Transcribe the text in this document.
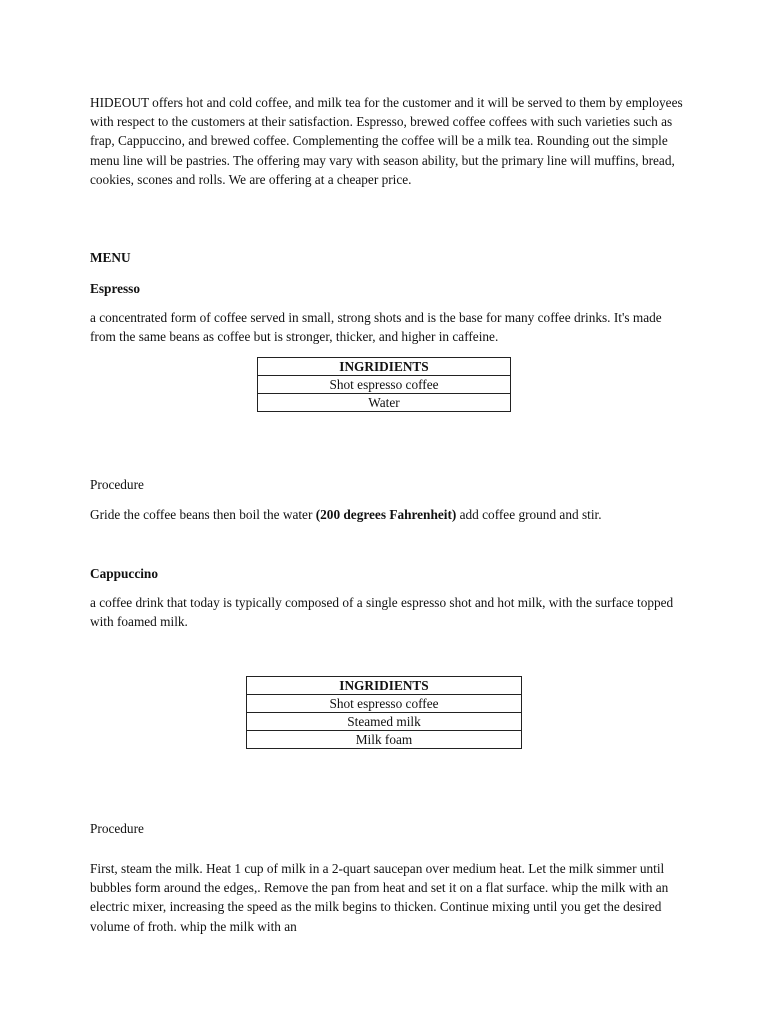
HIDEOUT offers hot and cold coffee, and milk tea for the customer and it will be served to them by employees with respect to the customers at their satisfaction. Espresso, brewed coffee coffees with such varieties such as frap, Cappuccino, and brewed coffee. Complementing the coffee will be a milk tea. Rounding out the simple menu line will be pastries. The offering may vary with season ability, but the primary line will muffins, bread, cookies, scones and rolls. We are offering at a cheaper price.

MENU

Espresso

a concentrated form of coffee served in small, strong shots and is the base for many coffee drinks. It's made from the same beans as coffee but is stronger, thicker, and higher in caffeine.

INGRIDIENTS
Shot espresso coffee
Water

Procedure

Gride the coffee beans then boil the water (200 degrees Fahrenheit) add coffee ground and stir.

Cappuccino

a coffee drink that today is typically composed of a single espresso shot and hot milk, with the surface topped with foamed milk.

INGRIDIENTS
Shot espresso coffee
Steamed milk
Milk foam

Procedure

First, steam the milk. Heat 1 cup of milk in a 2-quart saucepan over medium heat. Let the milk simmer until bubbles form around the edges,. Remove the pan from heat and set it on a flat surface. whip the milk with an electric mixer, increasing the speed as the milk begins to thicken. Continue mixing until you get the desired volume of froth. whip the milk with an
